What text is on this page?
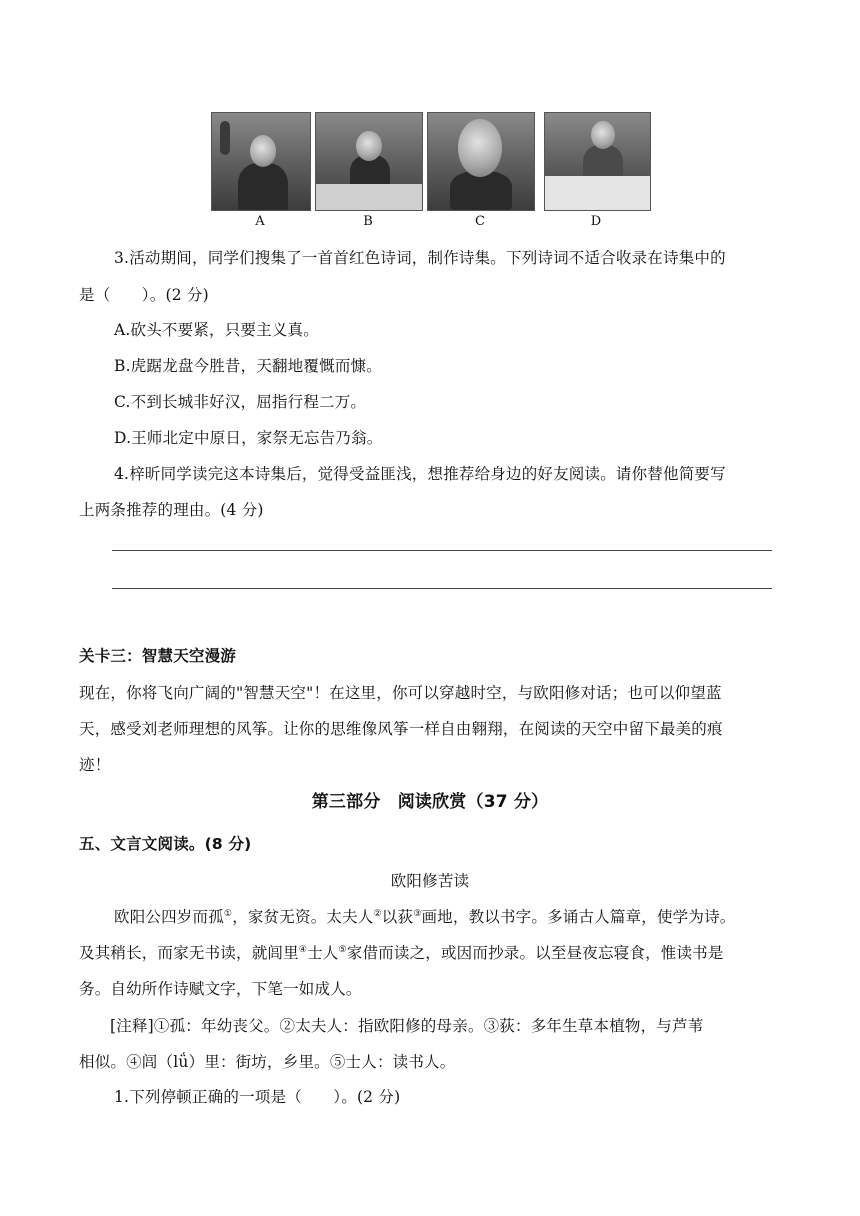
A	B	C	D
3.活动期间，同学们搜集了一首首红色诗词，制作诗集。下列诗词不适合收录在诗集中的
是（　　）。(2 分)
A.砍头不要紧，只要主义真。
B.虎踞龙盘今胜昔，天翻地覆慨而慷。
C.不到长城非好汉，屈指行程二万。
D.王师北定中原日，家祭无忘告乃翁。
4.梓昕同学读完这本诗集后，觉得受益匪浅，想推荐给身边的好友阅读。请你替他简要写
上两条推荐的理由。(4 分)
关卡三：智慧天空漫游
现在，你将飞向广阔的"智慧天空"！在这里，你可以穿越时空，与欧阳修对话；也可以仰望蓝
天，感受刘老师理想的风筝。让你的思维像风筝一样自由翱翔，在阅读的天空中留下最美的痕
迹！
第三部分　阅读欣赏（37 分）
五、文言文阅读。(8 分)
欧阳修苦读
欧阳公四岁而孤①，家贫无资。太夫人②以荻③画地，教以书字。多诵古人篇章，使学为诗。
及其稍长，而家无书读，就闾里④士人⑤家借而读之，或因而抄录。以至昼夜忘寝食，惟读书是
务。自幼所作诗赋文字，下笔一如成人。
[注释]①孤：年幼丧父。②太夫人：指欧阳修的母亲。③荻：多年生草本植物，与芦苇
相似。④闾（lǘ）里：街坊，乡里。⑤士人：读书人。
1.下列停顿正确的一项是（　　）。(2 分)
